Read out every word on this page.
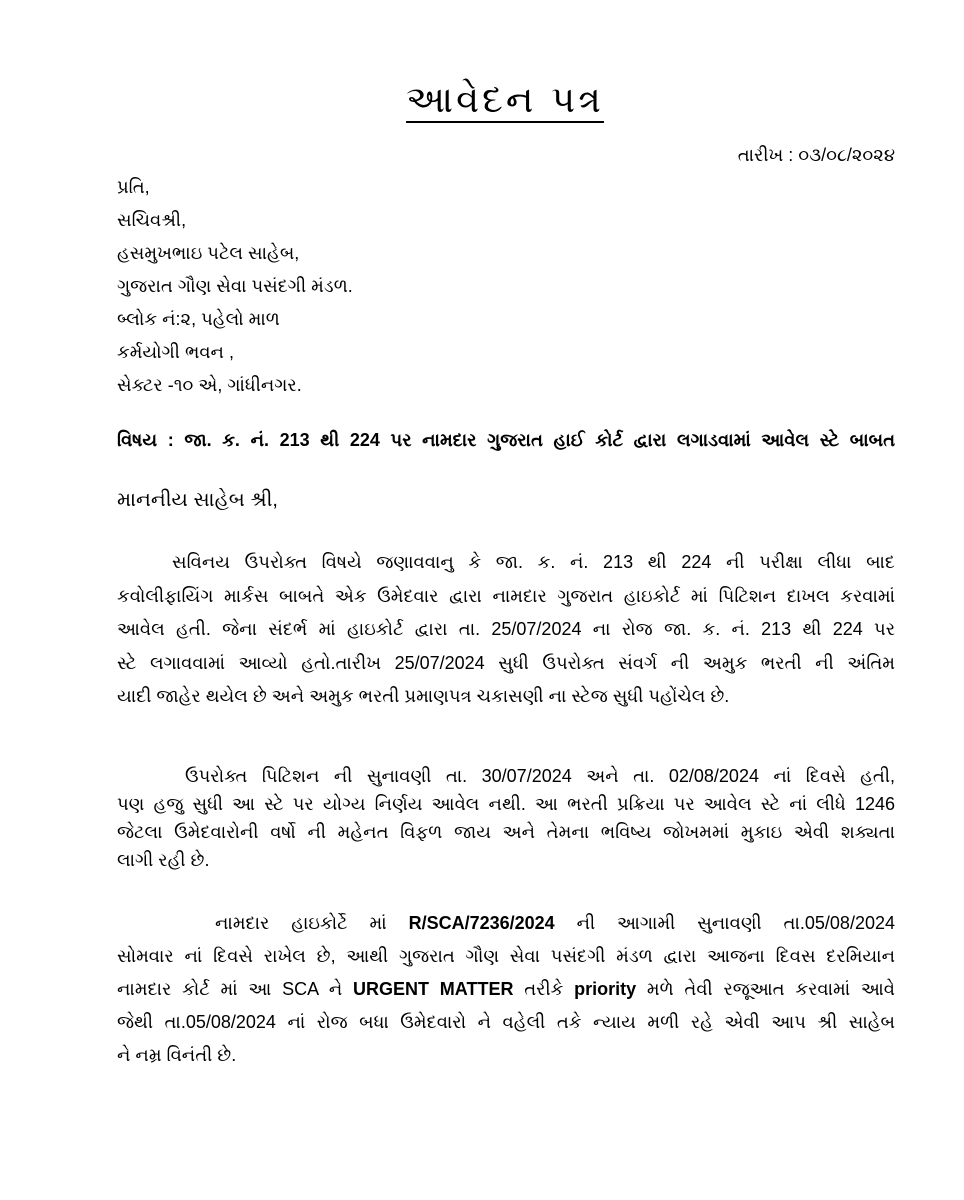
આવેદન પત્ર
તારીખ : ૦૩/૦૮/૨૦૨૪
પ્રતિ,
સચિવશ્રી,
હસમુખભાઇ પટેલ સાહેબ,
ગુજરાત ગૌણ સેવા પસંદગી મંડળ.
બ્લોક નં:૨, પહેલો માળ
કર્મયોગી ભવન ,
સેક્ટર -૧૦ એ, ગાંધીનગર.
વિષય : જા. ક. નં. 213 થી 224 પર નામદાર ગુજરાત હાઈ કોર્ટ દ્વારા લગાડવામાં આવેલ સ્ટે બાબત
માનનીય સાહેબ શ્રી,
સવિનય ઉપરોક્ત વિષયે જણાવવાનુ કે જા. ક. નં. 213 થી 224 ની પરીક્ષા લીધા બાદ
કવોલીફાયિંગ માર્કસ બાબતે એક ઉમેદવાર દ્વારા નામદાર ગુજરાત હાઇકોર્ટ માં પિટિશન દાખલ કરવામાં
આવેલ હતી. જેના સંદર્ભ માં હાઇકોર્ટ દ્વારા તા. 25/07/2024 ના રોજ જા. ક. નં. 213 થી 224 પર
સ્ટે લગાવવામાં આવ્યો હતો.તારીખ 25/07/2024 સુધી ઉપરોક્ત સંવર્ગ ની અમુક ભરતી ની અંતિમ
યાદી જાહેર થયેલ છે અને અમુક ભરતી પ્રમાણપત્ર ચકાસણી ના સ્ટેજ સુધી પહોંચેલ છે.
ઉપરોક્ત પિટિશન ની સુનાવણી તા. 30/07/2024 અને તા. 02/08/2024 નાં દિવસે હતી,
પણ હજુ સુધી આ સ્ટે પર યોગ્ય નિર્ણય આવેલ નથી. આ ભરતી પ્રક્રિયા પર આવેલ સ્ટે નાં લીધે 1246
જેટલા ઉમેદવારોની વર્ષો ની મહેનત વિફળ જાય અને તેમના ભવિષ્ય જોખમમાં મુકાઇ એવી શક્યતા
લાગી રહી છે.
નામદાર હાઇકોર્ટે માં R/SCA/7236/2024 ની આગામી સુનાવણી તા.05/08/2024
સોમવાર નાં દિવસે રાખેલ છે, આથી ગુજરાત ગૌણ સેવા પસંદગી મંડળ દ્વારા આજના દિવસ દરમિયાન
નામદાર કોર્ટ માં આ SCA ને URGENT MATTER તરીકે priority મળે તેવી રજૂઆત કરવામાં આવે
જેથી તા.05/08/2024 નાં રોજ બધા ઉમેદવારો ને વહેલી તકે ન્યાય મળી રહે એવી આપ શ્રી સાહેબ
ને નમ્ર વિનંતી છે.
